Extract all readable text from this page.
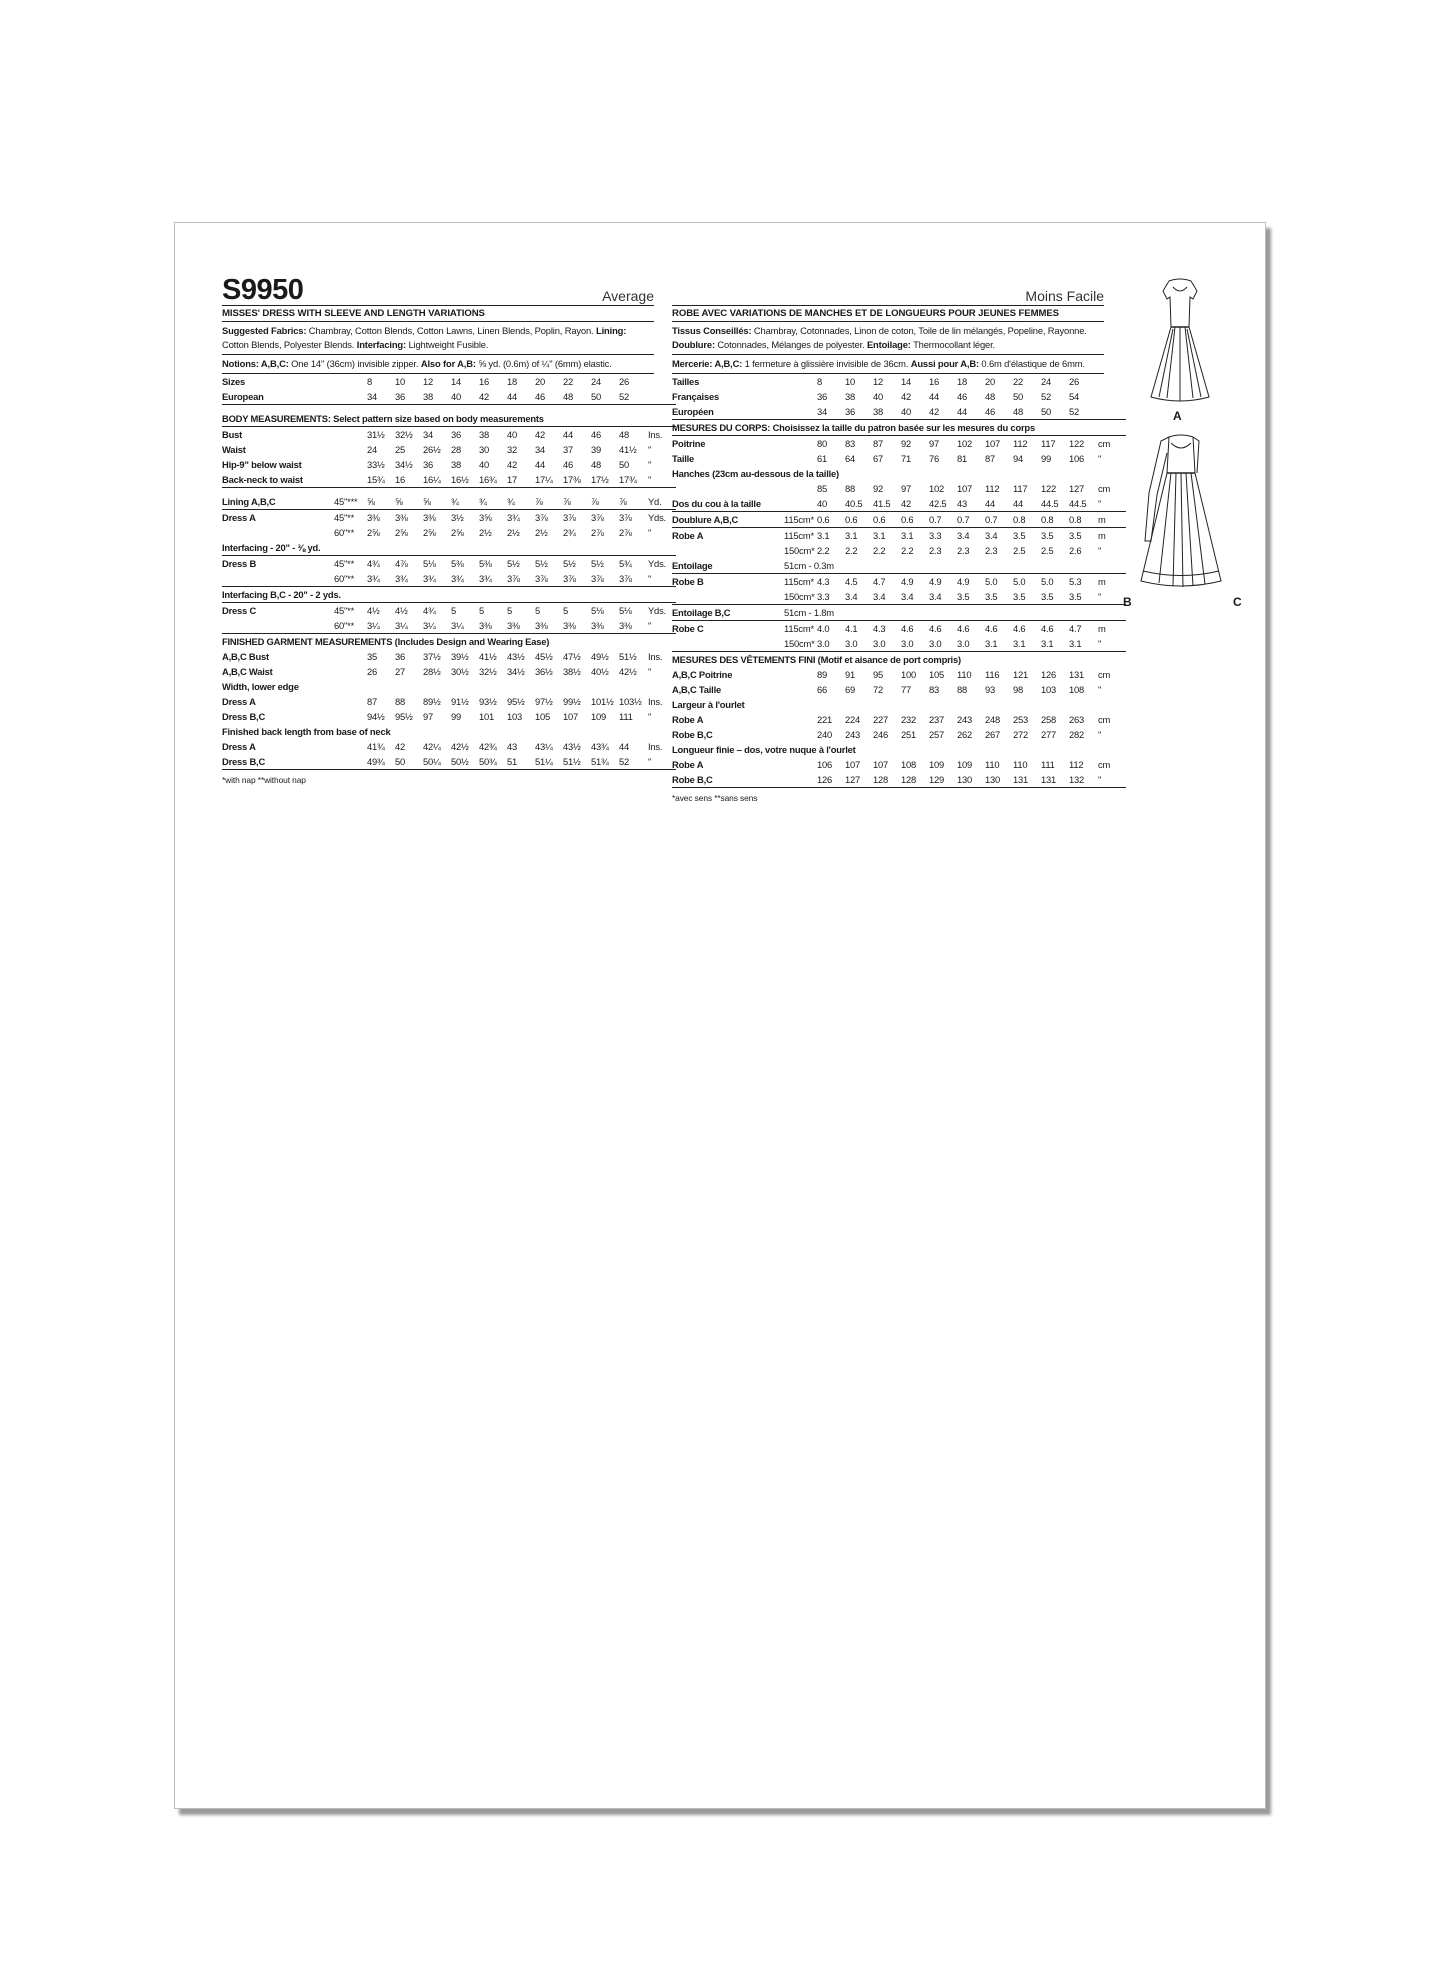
S9950	Average
MISSES' DRESS WITH SLEEVE AND LENGTH VARIATIONS
Suggested Fabrics: Chambray, Cotton Blends, Cotton Lawns, Linen Blends, Poplin, Rayon. Lining: Cotton Blends, Polyester Blends. Interfacing: Lightweight Fusible.
Notions: A,B,C: One 14" (36cm) invisible zipper. Also for A,B: ⅝ yd. (0.6m) of ¼" (6mm) elastic.
Sizes		8	10	12	14	16	18	20	22	24	26	
European		34	36	38	40	42	44	46	48	50	52	

BODY MEASUREMENTS: Select pattern size based on body measurements												
Bust		31½	32½	34	36	38	40	42	44	46	48	Ins.
Waist		24	25	26½	28	30	32	34	37	39	41½	"
Hip-9" below waist		33½	34½	36	38	40	42	44	46	48	50	"
Back-neck to waist		15¾	16	16¼	16½	16¾	17	17¼	17⅜	17½	17¾	"

Lining A,B,C	45"***	⅝	⅝	⅝	¾	¾	¾	⅞	⅞	⅞	⅞	Yd.
Dress A	45"**	3⅜	3⅜	3⅜	3½	3⅝	3¾	3⅞	3⅞	3⅞	3⅞	Yds.
	60"**	2⅝	2⅝	2⅝	2⅝	2½	2½	2½	2¾	2⅞	2⅞	"
Interfacing - 20" - ⅜ yd.												
Dress B	45"**	4¾	4⅞	5⅛	5⅜	5⅜	5½	5½	5½	5½	5¾	Yds.
	60"**	3¾	3¾	3¾	3¾	3¾	3⅞	3⅞	3⅞	3⅞	3⅞	"
Interfacing B,C - 20" - 2 yds.												
Dress C	45"**	4½	4½	4¾	5	5	5	5	5	5⅛	5⅛	Yds.
	60"**	3¼	3¼	3¼	3¼	3⅜	3⅜	3⅜	3⅜	3⅜	3⅜	"
FINISHED GARMENT MEASUREMENTS (Includes Design and Wearing Ease)												
A,B,C Bust		35	36	37½	39½	41½	43½	45½	47½	49½	51½	Ins.
A,B,C Waist		26	27	28½	30½	32½	34½	36½	38½	40½	42½	"
Width, lower edge												
Dress A		87	88	89½	91½	93½	95½	97½	99½	101½	103½	Ins.
Dress B,C		94½	95½	97	99	101	103	105	107	109	111	"
Finished back length from base of neck												
Dress A		41¾	42	42¼	42½	42¾	43	43¼	43½	43¾	44	Ins.
Dress B,C		49¾	50	50¼	50½	50¾	51	51¼	51½	51¾	52	"
*with nap **without nap
Moins Facile
ROBE AVEC VARIATIONS DE MANCHES ET DE LONGUEURS POUR JEUNES FEMMES
Tissus Conseillés: Chambray, Cotonnades, Linon de coton, Toile de lin mélangés, Popeline, Rayonne. Doublure: Cotonnades, Mélanges de polyester. Entoilage: Thermocollant léger.
Mercerie: A,B,C: 1 fermeture à glissière invisible de 36cm. Aussi pour A,B: 0.6m d'élastique de 6mm.
Tailles		8	10	12	14	16	18	20	22	24	26	
Françaises		36	38	40	42	44	46	48	50	52	54	
Européen		34	36	38	40	42	44	46	48	50	52	
MESURES DU CORPS: Choisissez la taille du patron basée sur les mesures du corps												
Poitrine		80	83	87	92	97	102	107	112	117	122	cm
Taille		61	64	67	71	76	81	87	94	99	106	"
Hanches (23cm au-dessous de la taille)												
		85	88	92	97	102	107	112	117	122	127	cm
Dos du cou à la taille		40	40.5	41.5	42	42.5	43	44	44	44.5	44.5	"
Doublure A,B,C	115cm*	0.6	0.6	0.6	0.6	0.7	0.7	0.7	0.8	0.8	0.8	m
Robe A	115cm*	3.1	3.1	3.1	3.1	3.3	3.4	3.4	3.5	3.5	3.5	m
	150cm*	2.2	2.2	2.2	2.2	2.3	2.3	2.3	2.5	2.5	2.6	"
Entoilage	51cm - 0.3m											
Robe B	115cm*	4.3	4.5	4.7	4.9	4.9	4.9	5.0	5.0	5.0	5.3	m
	150cm*	3.3	3.4	3.4	3.4	3.4	3.5	3.5	3.5	3.5	3.5	"
Entoilage B,C	51cm - 1.8m											
Robe C	115cm*	4.0	4.1	4.3	4.6	4.6	4.6	4.6	4.6	4.6	4.7	m
	150cm*	3.0	3.0	3.0	3.0	3.0	3.0	3.1	3.1	3.1	3.1	"
MESURES DES VÊTEMENTS FINI (Motif et aisance de port compris)												
A,B,C Poitrine		89	91	95	100	105	110	116	121	126	131	cm
A,B,C Taille		66	69	72	77	83	88	93	98	103	108	"
Largeur à l'ourlet												
Robe A		221	224	227	232	237	243	248	253	258	263	cm
Robe B,C		240	243	246	251	257	262	267	272	277	282	"
Longueur finie – dos, votre nuque à l'ourlet												
Robe A		106	107	107	108	109	109	110	110	111	112	cm
Robe B,C		126	127	128	128	129	130	130	131	131	132	"
*avec sens **sans sens
A
B	C
